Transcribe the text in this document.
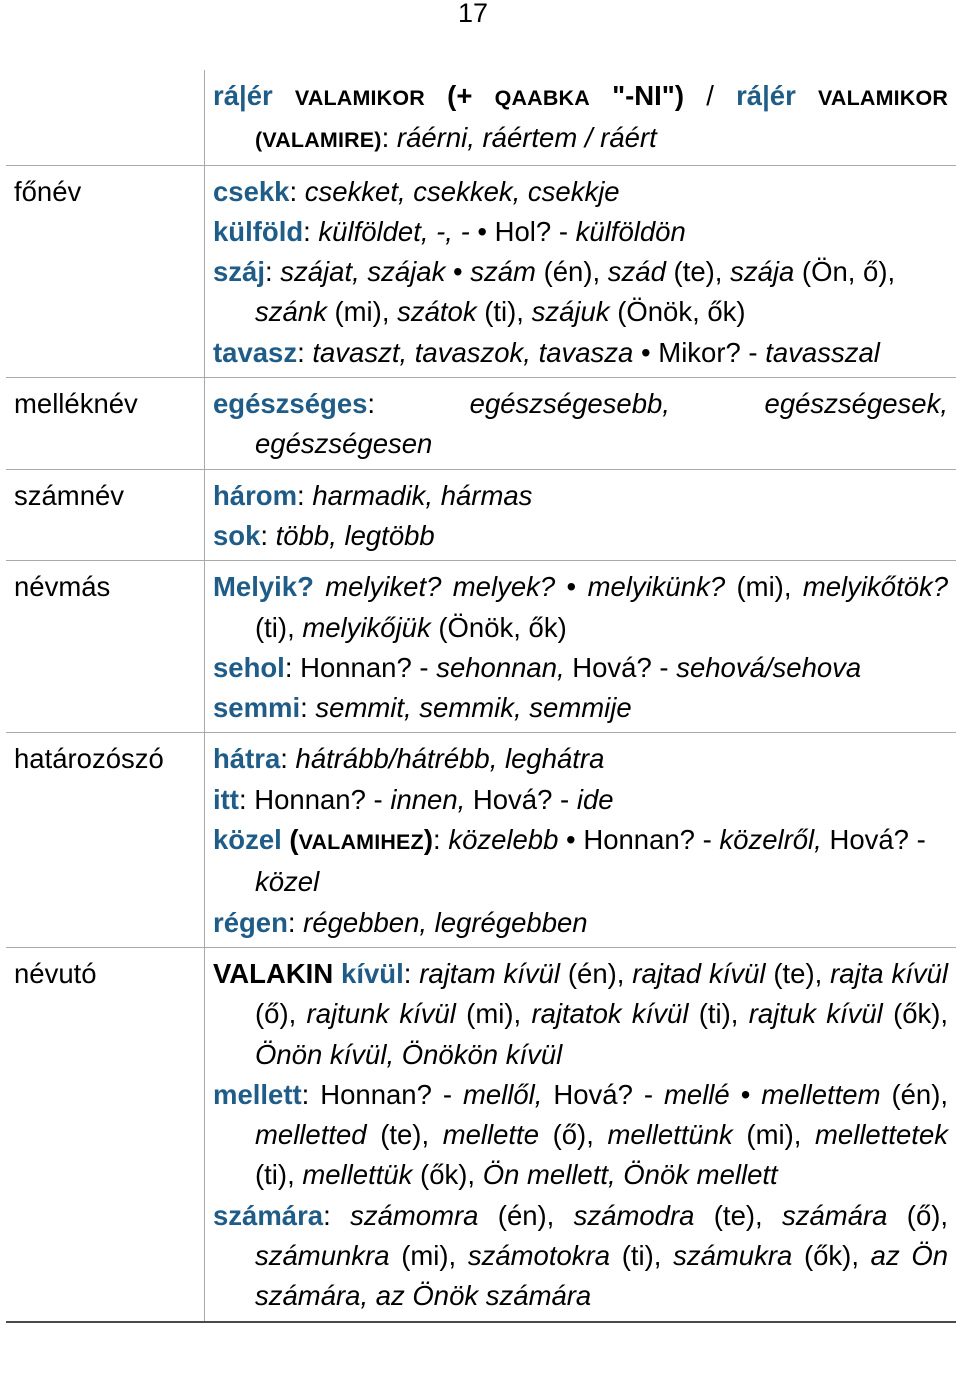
17

	rá|ér VALAMIKOR (+ QAABKA "-NI") / rá|ér VALAMIKOR (VALAMIRE): ráérni, ráértem / ráért

főnév	csekk: csekket, csekkek, csekkje
külföld: külföldet, -, - • Hol? - külföldön
száj: szájat, szájak • szám (én), szád (te), szája (Ön, ő), szánk (mi), szátok (ti), szájuk (Önök, ők)
tavasz: tavaszt, tavaszok, tavasza • Mikor? - tavasszal

melléknév	egészséges: egészségesebb, egészségesek, egészségesen

számnév	három: harmadik, hármas
sok: több, legtöbb

névmás	Melyik? melyiket? melyek? • melyikünk? (mi), melyikőtök? (ti), melyikőjük (Önök, ők)
sehol: Honnan? - sehonnan, Hová? - sehová/sehova
semmi: semmit, semmik, semmije

határozószó	hátra: hátrább/hátrébb, leghátra
itt: Honnan? - innen, Hová? - ide
közel (VALAMIHEZ): közelebb • Honnan? - közelről, Hová? - közel
régen: régebben, legrégebben

névutó	VALAKIN kívül: rajtam kívül (én), rajtad kívül (te), rajta kívül (ő), rajtunk kívül (mi), rajtatok kívül (ti), rajtuk kívül (ők), Önön kívül, Önökön kívül
mellett: Honnan? - mellől, Hová? - mellé • mellettem (én), melletted (te), mellette (ő), mellettünk (mi), mellettetek (ti), mellettük (ők), Ön mellett, Önök mellett
számára: számomra (én), számodra (te), számára (ő), számunkra (mi), számotokra (ti), számukra (ők), az Ön számára, az Önök számára
